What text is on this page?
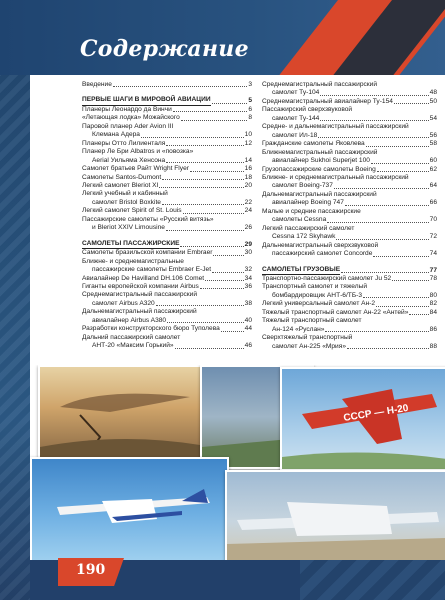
Содержание
Введение	3
ПЕРВЫЕ ШАГИ В МИРОВОЙ АВИАЦИИ	5
Планеры Леонардо да Винчи	6
«Летающая лодка» Можайского	8
Паровой планер Ader Avion III
Клемана Адера	10
Планеры Отто Лилиенталя	12
Планер Ле Бри Albatros и «повозка»
Aerial Уильяма Хенсона	14
Самолет братьев Райт Wright Flyer	16
Самолеты Santos-Dumont	18
Легкий самолет Bleriot XI	20
Легкий учебный и кабинный
самолет Bristol Boxkite	22
Легкий самолет Spirit of St. Louis	24
Пассажирские самолеты «Русский витязь»
и Bleriot XXIV Limousine	26
САМОЛЕТЫ ПАССАЖИРСКИЕ	29
Самолеты бразильской компании Embraer	30
Ближне- и среднемагистральные
пассажирские самолеты Embraer E-Jet	32
Авиалайнер De Havilland DH.106 Comet	34
Гиганты европейской компании Airbus	36
Среднемагистральный пассажирский
самолет Airbus A320	38
Дальнемагистральный пассажирский
авиалайнер Airbus A380	40
Разработки конструкторского бюро Туполева	44
Дальний пассажирский самолет
АНТ-20 «Максим Горький»	46
Среднемагистральный пассажирский
самолет Ту-104	48
Среднемагистральный авиалайнер Ту-154	50
Пассажирский сверхзвуковой
самолет Ту-144	54
Средне- и дальнемагистральный пассажирский
самолет Ил-18	56
Гражданские самолеты Яковлева	58
Ближнемагистральный пассажирский
авиалайнер Sukhoi Superjet 100	60
Грузопассажирские самолеты Boeing	62
Ближне- и среднемагистральный пассажирский
самолет Boeing-737	64
Дальнемагистральный пассажирский
авиалайнер Boeing 747	66
Малые и средние пассажирские
самолеты Cessna	70
Легкий пассажирский самолет
Cessna 172 Skyhawk	72
Дальнемагистральный сверхзвуковой
пассажирский самолет Concorde	74
САМОЛЕТЫ ГРУЗОВЫЕ	77
Транспортно-пассажирский самолет Ju 52	78
Транспортный самолет и тяжелый
бомбардировщик АНТ-6/ТБ-3	80
Легкий универсальный самолет Ан-2	82
Тяжелый транспортный самолет Ан-22 «Антей»	84
Тяжелый транспортный самолет
Ан-124 «Руслан»	86
Сверхтяжелый транспортный
самолет Ан-225 «Мрия»	88
СССР — Н-20
190
